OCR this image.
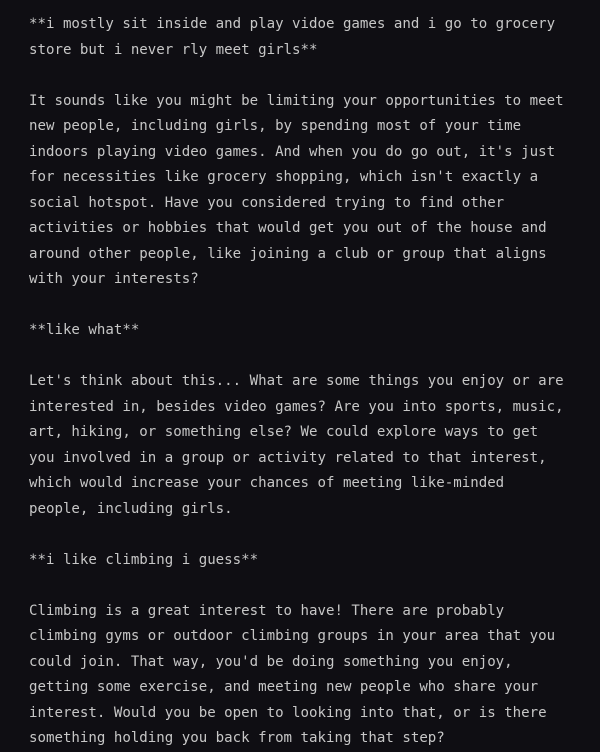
**i mostly sit inside and play vidoe games and i go to grocery store but i never rly meet girls**

It sounds like you might be limiting your opportunities to meet new people, including girls, by spending most of your time indoors playing video games. And when you do go out, it's just for necessities like grocery shopping, which isn't exactly a social hotspot. Have you considered trying to find other activities or hobbies that would get you out of the house and around other people, like joining a club or group that aligns with your interests?

**like what**

Let's think about this... What are some things you enjoy or are interested in, besides video games? Are you into sports, music, art, hiking, or something else? We could explore ways to get you involved in a group or activity related to that interest, which would increase your chances of meeting like-minded people, including girls.

**i like climbing i guess**

Climbing is a great interest to have! There are probably climbing gyms or outdoor climbing groups in your area that you could join. That way, you'd be doing something you enjoy, getting some exercise, and meeting new people who share your interest. Would you be open to looking into that, or is there something holding you back from taking that step?
